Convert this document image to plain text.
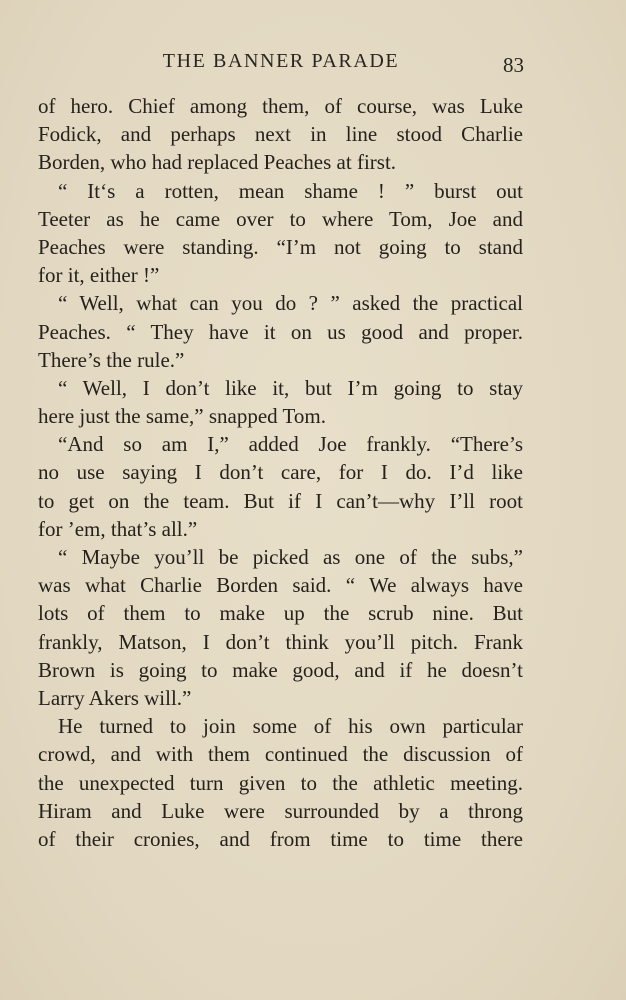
THE BANNER PARADE	83
of hero. Chief among them, of course, was Luke
Fodick, and perhaps next in line stood Charlie
Borden, who had replaced Peaches at first.
“ It‘s a rotten, mean shame ! ” burst out
Teeter as he came over to where Tom, Joe and
Peaches were standing. “I’m not going to stand
for it, either !”
“ Well, what can you do ? ” asked the practical
Peaches. “ They have it on us good and proper.
There’s the rule.”
“ Well, I don’t like it, but I’m going to stay
here just the same,” snapped Tom.
“And so am I,” added Joe frankly. “There’s
no use saying I don’t care, for I do. I’d like
to get on the team. But if I can’t—why I’ll root
for ’em, that’s all.”
“ Maybe you’ll be picked as one of the subs,”
was what Charlie Borden said. “ We always have
lots of them to make up the scrub nine. But
frankly, Matson, I don’t think you’ll pitch. Frank
Brown is going to make good, and if he doesn’t
Larry Akers will.”
He turned to join some of his own particular
crowd, and with them continued the discussion of
the unexpected turn given to the athletic meeting.
Hiram and Luke were surrounded by a throng
of their cronies, and from time to time there
